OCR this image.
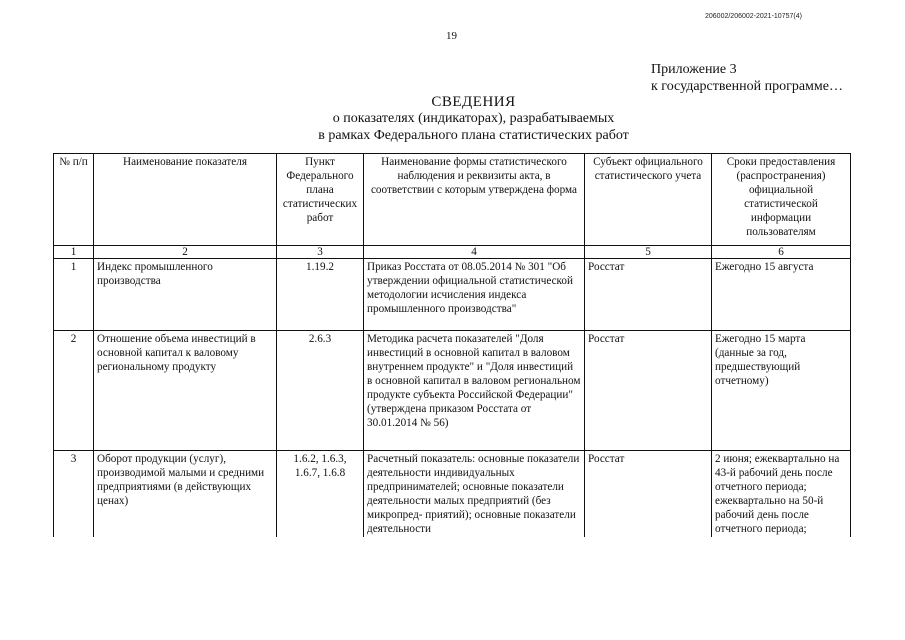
206002/206002-2021-10757(4)
19
Приложение 3
к государственной программе…
СВЕДЕНИЯ
о показателях (индикаторах), разрабатываемых
в рамках Федерального плана статистических работ
№ п/п	Наименование показателя	Пункт Федерального плана статистических работ	Наименование формы статистического наблюдения и реквизиты акта, в соответствии с которым утверждена форма	Субъект официального статистического учета	Сроки предоставления (распространения) официальной статистической информации пользователям
1	2	3	4	5	6
1	Индекс промышленного производства	1.19.2	Приказ Росстата от 08.05.2014 № 301 "Об утверждении официальной статистической методологии исчисления индекса промышленного производства"	Росстат	Ежегодно 15 августа
2	Отношение объема инвестиций в основной капитал к валовому региональному продукту	2.6.3	Методика расчета показателей "Доля инвестиций в основной капитал в валовом внутреннем продукте" и "Доля инвестиций в основной капитал в валовом региональном продукте субъекта Российской Федерации" (утверждена приказом Росстата от 30.01.2014 № 56)	Росстат	Ежегодно 15 марта (данные за год, предшествующий отчетному)
3	Оборот продукции (услуг), производимой малыми и средними предприятиями (в действующих ценах)	1.6.2, 1.6.3, 1.6.7, 1.6.8	Расчетный показатель: основные показатели деятельности индивидуальных предпринимателей; основные показатели деятельности малых предприятий (без микропред- приятий); основные показатели деятельности	Росстат	2 июня; ежеквартально на 43-й рабочий день после отчетного периода; ежеквартально на 50-й рабочий день после отчетного периода;
